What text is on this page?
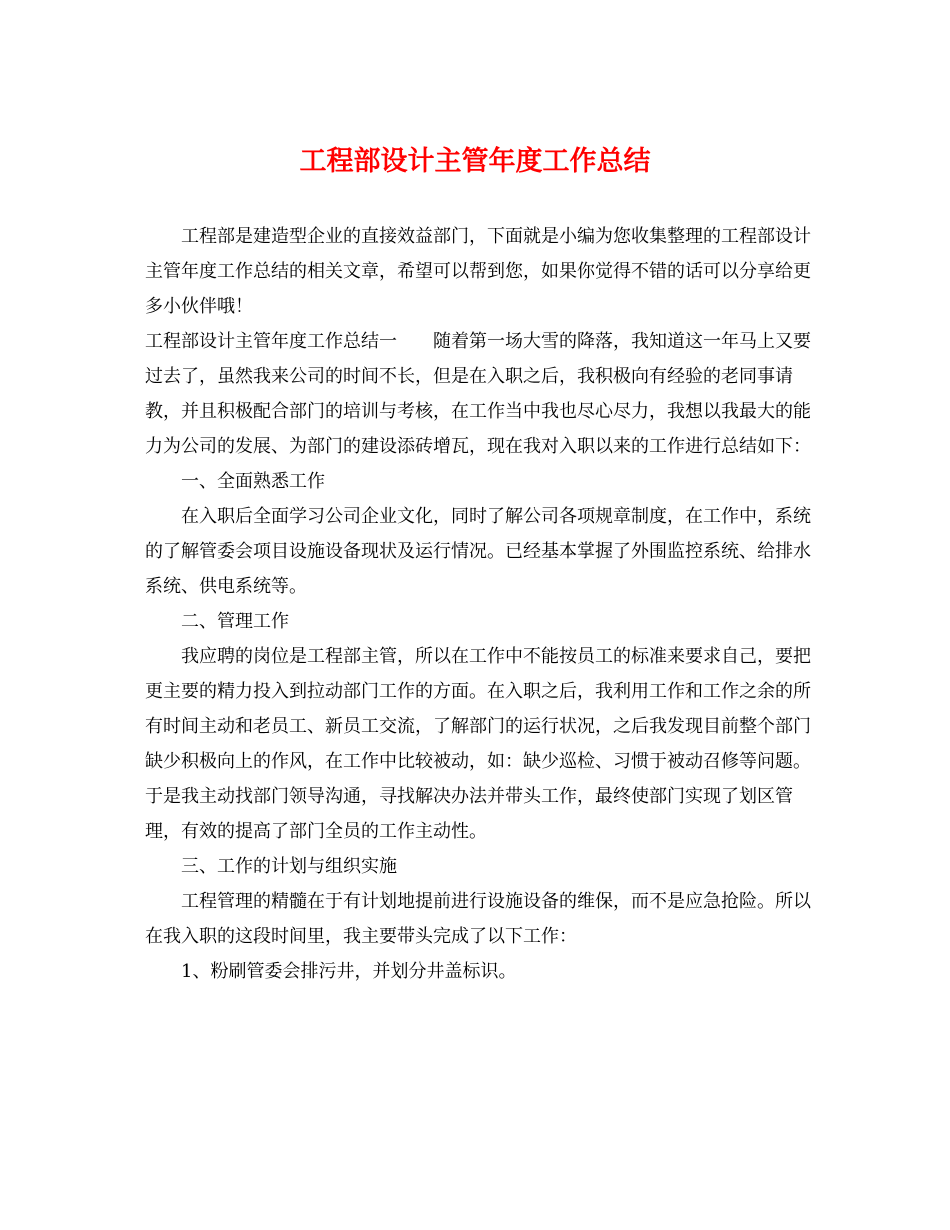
工程部设计主管年度工作总结

工程部是建造型企业的直接效益部门，下面就是小编为您收集整理的工程部设计主管年度工作总结的相关文章，希望可以帮到您，如果你觉得不错的话可以分享给更多小伙伴哦！

工程部设计主管年度工作总结一　　随着第一场大雪的降落，我知道这一年马上又要过去了，虽然我来公司的时间不长，但是在入职之后，我积极向有经验的老同事请教，并且积极配合部门的培训与考核，在工作当中我也尽心尽力，我想以我最大的能力为公司的发展、为部门的建设添砖增瓦，现在我对入职以来的工作进行总结如下：

一、全面熟悉工作

在入职后全面学习公司企业文化，同时了解公司各项规章制度，在工作中，系统的了解管委会项目设施设备现状及运行情况。已经基本掌握了外围监控系统、给排水系统、供电系统等。

二、管理工作

我应聘的岗位是工程部主管，所以在工作中不能按员工的标准来要求自己，要把更主要的精力投入到拉动部门工作的方面。在入职之后，我利用工作和工作之余的所有时间主动和老员工、新员工交流，了解部门的运行状况，之后我发现目前整个部门缺少积极向上的作风，在工作中比较被动，如：缺少巡检、习惯于被动召修等问题。于是我主动找部门领导沟通，寻找解决办法并带头工作，最终使部门实现了划区管理，有效的提高了部门全员的工作主动性。

三、工作的计划与组织实施

工程管理的精髓在于有计划地提前进行设施设备的维保，而不是应急抢险。所以在我入职的这段时间里，我主要带头完成了以下工作：

1、粉刷管委会排污井，并划分井盖标识。
